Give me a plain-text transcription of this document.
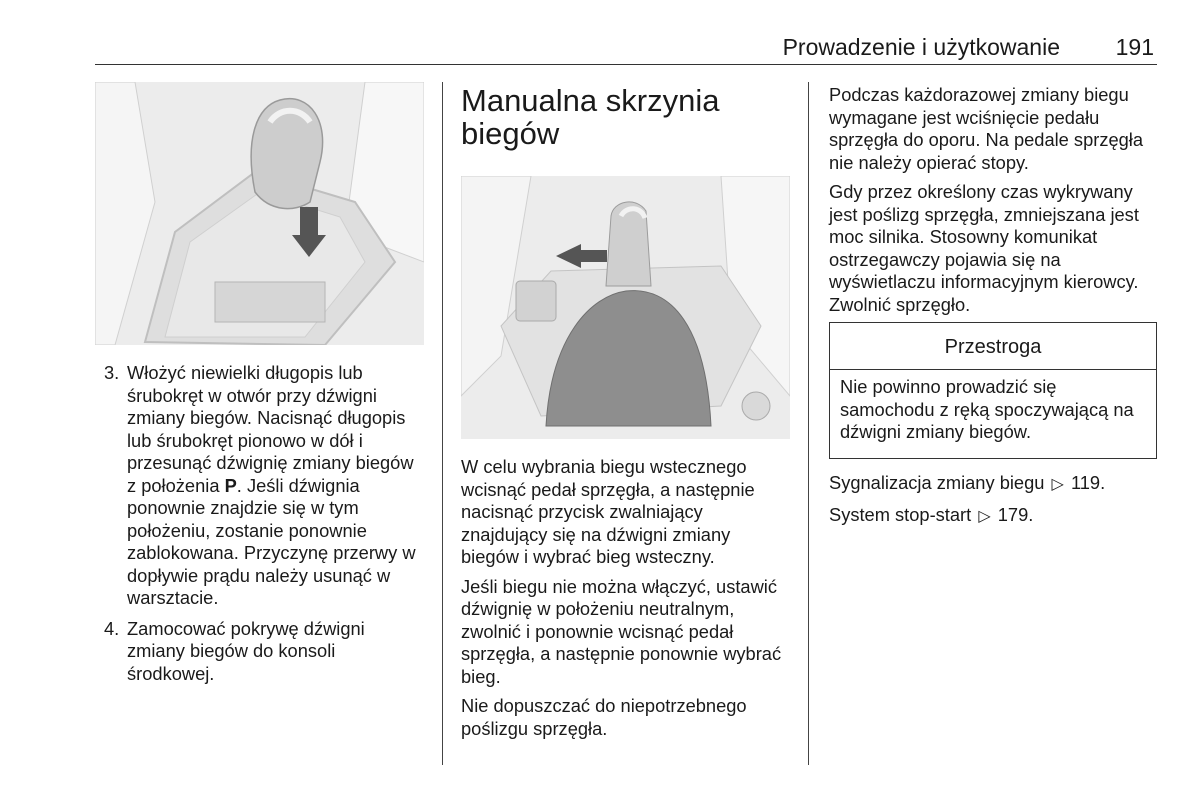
Prowadzenie i użytkowanie 191
3. Włożyć niewielki długopis lub śrubokręt w otwór przy dźwigni zmiany biegów. Nacisnąć długopis lub śrubokręt pionowo w dół i przesunąć dźwignię zmiany biegów z położenia P. Jeśli dźwignia ponownie znajdzie się w tym położeniu, zostanie ponownie zablokowana. Przyczynę przerwy w dopływie prądu należy usunąć w warsztacie.
4. Zamocować pokrywę dźwigni zmiany biegów do konsoli środkowej.
Manualna skrzynia biegów

W celu wybrania biegu wstecznego wcisnąć pedał sprzęgła, a następnie nacisnąć przycisk zwalniający znajdujący się na dźwigni zmiany biegów i wybrać bieg wsteczny.

Jeśli biegu nie można włączyć, ustawić dźwignię w położeniu neutralnym, zwolnić i ponownie wcisnąć pedał sprzęgła, a następnie ponownie wybrać bieg.

Nie dopuszczać do niepotrzebnego poślizgu sprzęgła.

Podczas każdorazowej zmiany biegu wymagane jest wciśnięcie pedału sprzęgła do oporu. Na pedale sprzęgła nie należy opierać stopy.

Gdy przez określony czas wykrywany jest poślizg sprzęgła, zmniejszana jest moc silnika. Stosowny komunikat ostrzegawczy pojawia się na wyświetlaczu informacyjnym kierowcy. Zwolnić sprzęgło.

Przestroga
Nie powinno prowadzić się samochodu z ręką spoczywającą na dźwigni zmiany biegów.

Sygnalizacja zmiany biegu ▷ 119.

System stop-start ▷ 179.
